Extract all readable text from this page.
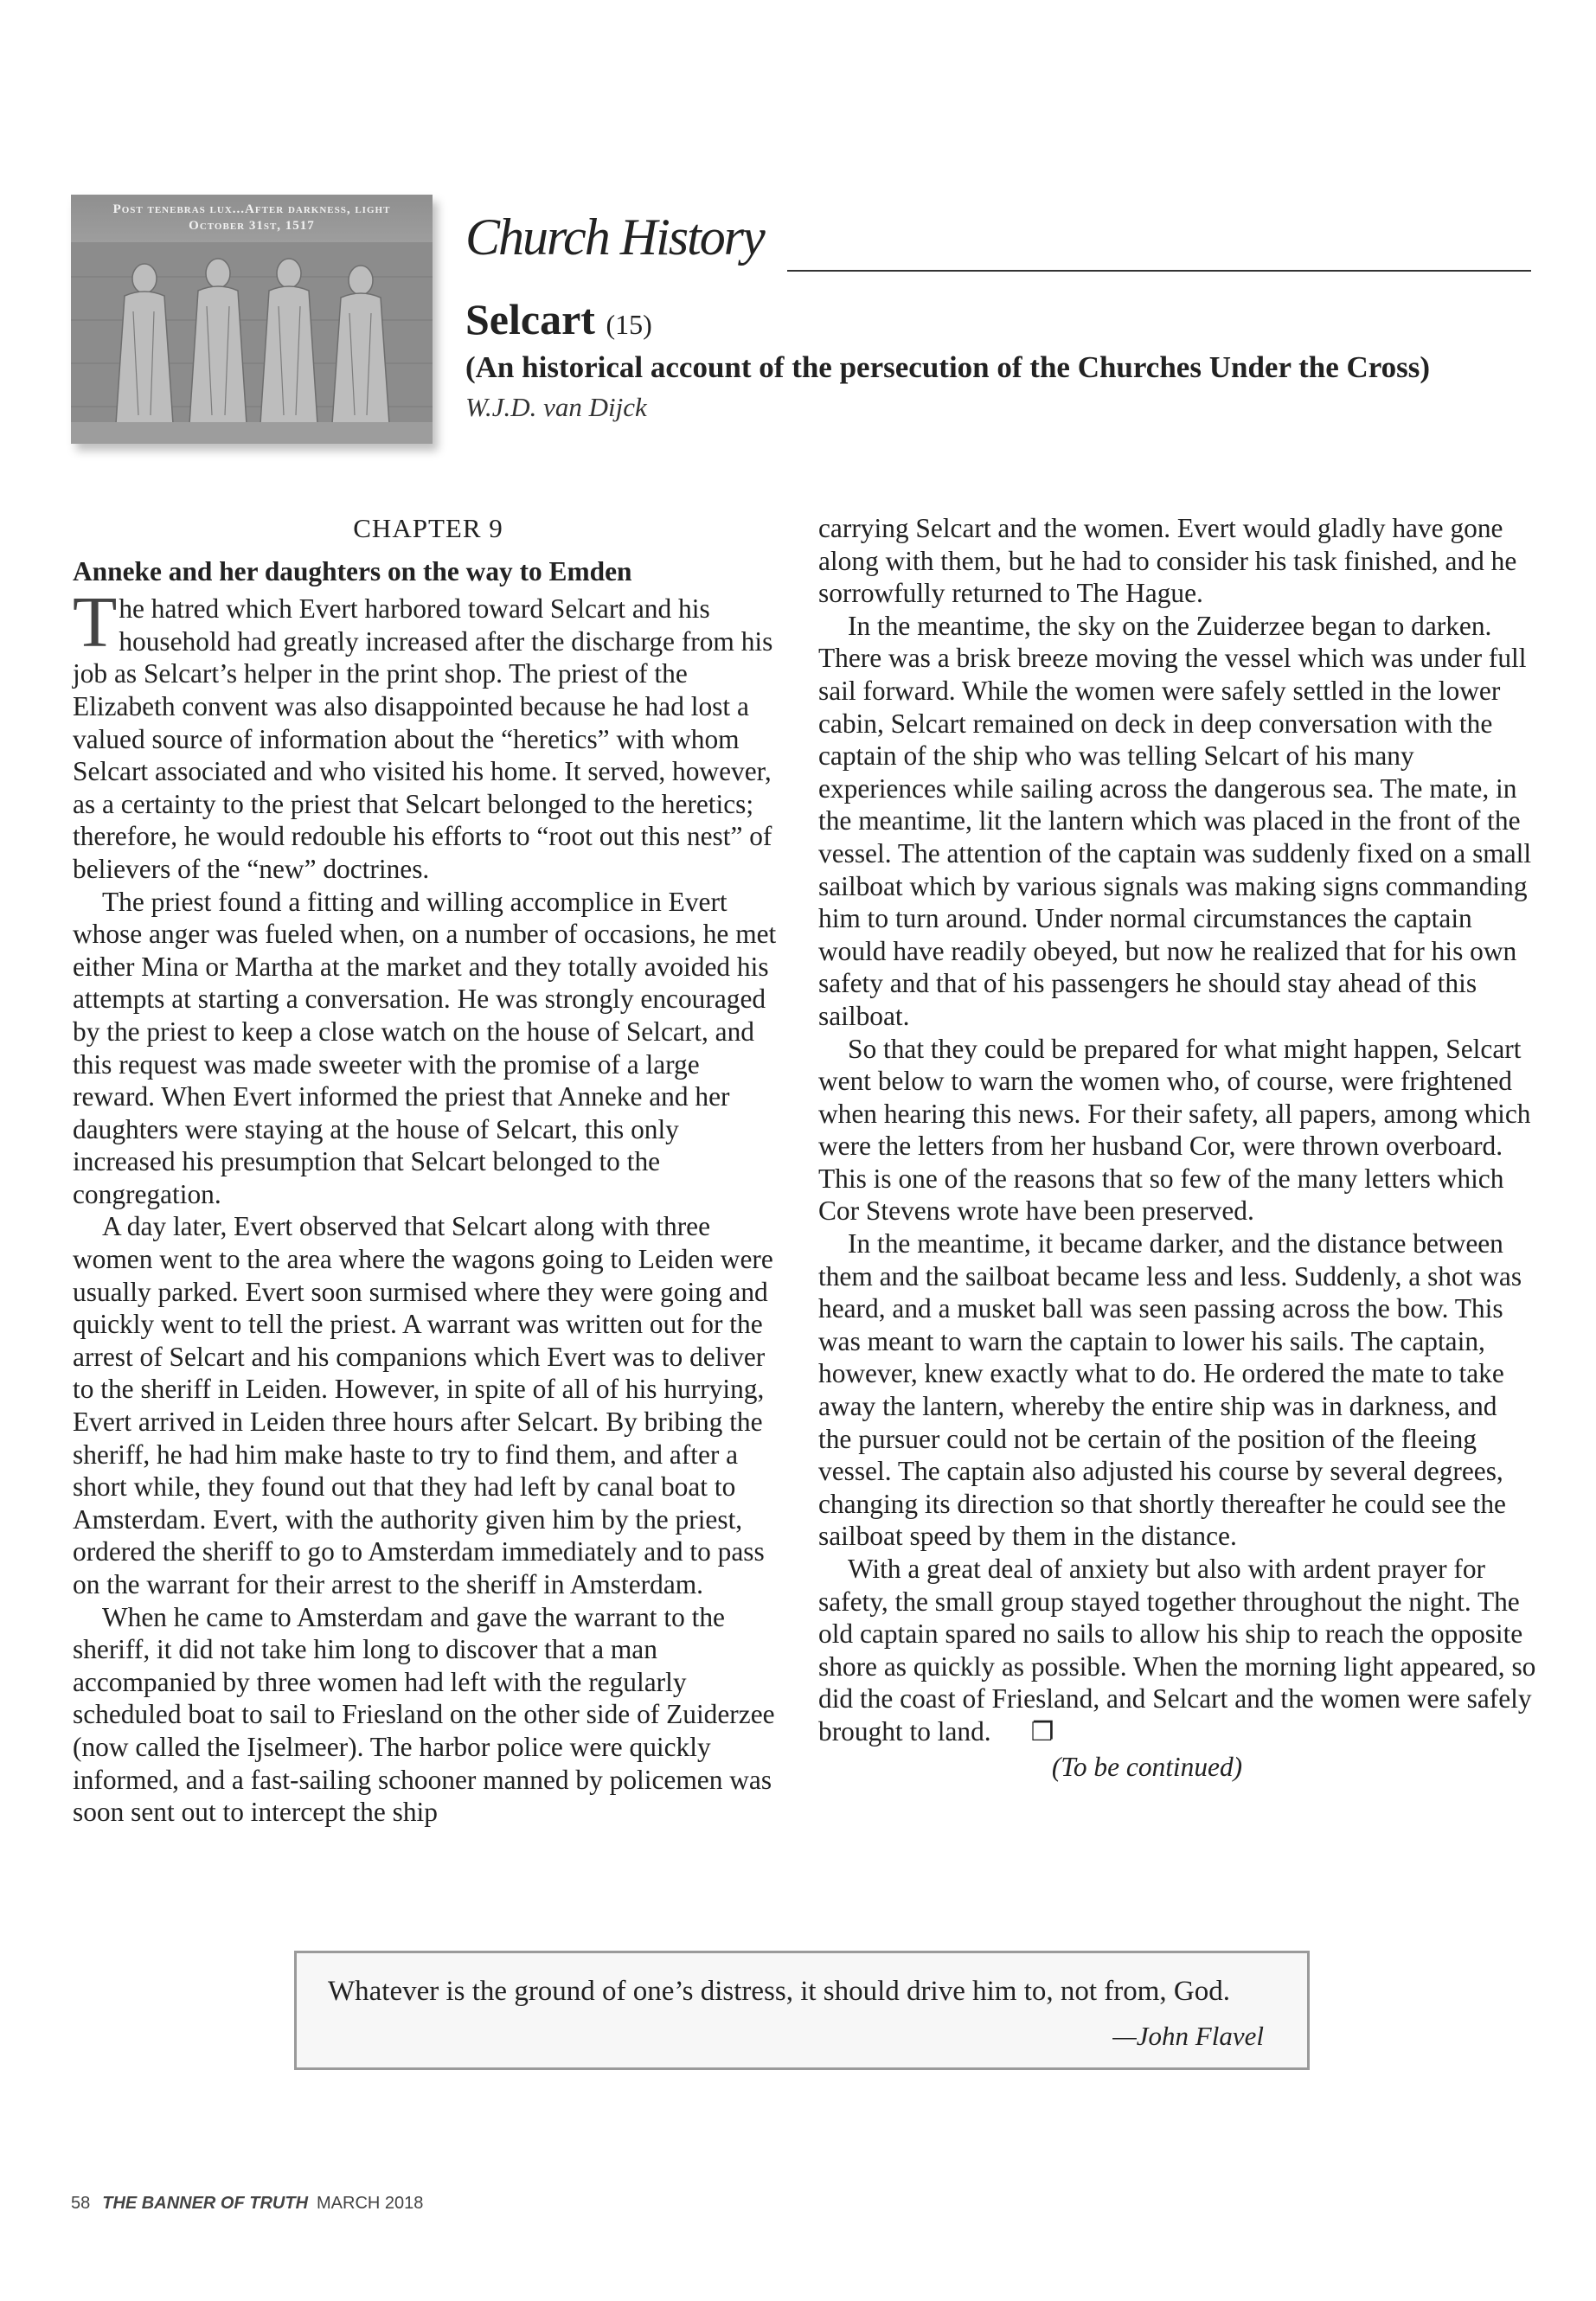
Post tenebras lux...After darkness, light
October 31st, 1517	Church History
Selcart (15)
(An historical account of the persecution of the Churches Under the Cross)
W.J.D. van Dijck
CHAPTER 9
Anneke and her daughters on the way to Emden

The hatred which Evert harbored toward Selcart and his household had greatly increased after the discharge from his job as Selcart’s helper in the print shop. The priest of the Elizabeth convent was also disappointed because he had lost a valued source of information about the “heretics” with whom Selcart associated and who visited his home. It served, however, as a certainty to the priest that Selcart belonged to the heretics; therefore, he would redouble his efforts to “root out this nest” of believers of the “new” doctrines.

The priest found a fitting and willing accomplice in Evert whose anger was fueled when, on a number of occasions, he met either Mina or Martha at the market and they totally avoided his attempts at starting a conversation. He was strongly encouraged by the priest to keep a close watch on the house of Selcart, and this request was made sweeter with the promise of a large reward. When Evert informed the priest that Anneke and her daughters were staying at the house of Selcart, this only increased his presumption that Selcart belonged to the congregation.

A day later, Evert observed that Selcart along with three women went to the area where the wagons going to Leiden were usually parked. Evert soon surmised where they were going and quickly went to tell the priest. A warrant was written out for the arrest of Selcart and his companions which Evert was to deliver to the sheriff in Leiden. However, in spite of all of his hurrying, Evert arrived in Leiden three hours after Selcart. By bribing the sheriff, he had him make haste to try to find them, and after a short while, they found out that they had left by canal boat to Amsterdam. Evert, with the authority given him by the priest, ordered the sheriff to go to Amsterdam immediately and to pass on the warrant for their arrest to the sheriff in Amsterdam.

When he came to Amsterdam and gave the warrant to the sheriff, it did not take him long to discover that a man accompanied by three women had left with the regularly scheduled boat to sail to Friesland on the other side of Zuiderzee (now called the Ijselmeer). The harbor police were quickly informed, and a fast-sailing schooner manned by policemen was soon sent out to intercept the ship

carrying Selcart and the women. Evert would gladly have gone along with them, but he had to consider his task finished, and he sorrowfully returned to The Hague.

In the meantime, the sky on the Zuiderzee began to darken. There was a brisk breeze moving the vessel which was under full sail forward. While the women were safely settled in the lower cabin, Selcart remained on deck in deep conversation with the captain of the ship who was telling Selcart of his many experiences while sailing across the dangerous sea. The mate, in the meantime, lit the lantern which was placed in the front of the vessel. The attention of the captain was suddenly fixed on a small sailboat which by various signals was making signs commanding him to turn around. Under normal circumstances the captain would have readily obeyed, but now he realized that for his own safety and that of his passengers he should stay ahead of this sailboat.

So that they could be prepared for what might happen, Selcart went below to warn the women who, of course, were frightened when hearing this news. For their safety, all papers, among which were the letters from her husband Cor, were thrown overboard. This is one of the reasons that so few of the many letters which Cor Stevens wrote have been preserved.

In the meantime, it became darker, and the distance between them and the sailboat became less and less. Suddenly, a shot was heard, and a musket ball was seen passing across the bow. This was meant to warn the captain to lower his sails. The captain, however, knew exactly what to do. He ordered the mate to take away the lantern, whereby the entire ship was in darkness, and the pursuer could not be certain of the position of the fleeing vessel. The captain also adjusted his course by several degrees, changing its direction so that shortly thereafter he could see the sailboat speed by them in the distance.

With a great deal of anxiety but also with ardent prayer for safety, the small group stayed together throughout the night. The old captain spared no sails to allow his ship to reach the opposite shore as quickly as possible. When the morning light appeared, so did the coast of Friesland, and Selcart and the women were safely brought to land. ❐

(To be continued)
Whatever is the ground of one’s distress, it should drive him to, not from, God.
—John Flavel
58 THE BANNER OF TRUTH MARCH 2018
